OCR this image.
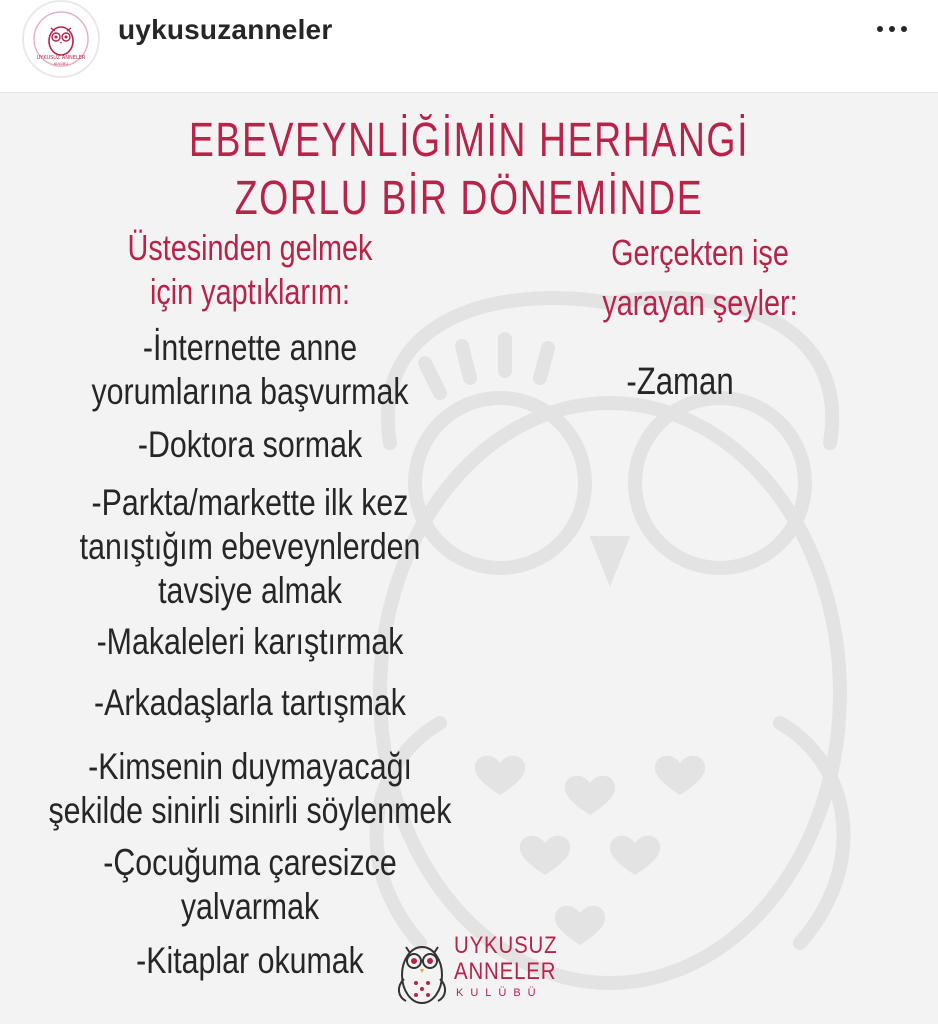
UYKUSUZ ANNELER
KULÜBÜ
uykusuzanneler
EBEVEYNLİĞİMİN HERHANGİ
ZORLU BİR DÖNEMİNDE
Üstesinden gelmek
için yaptıklarım:
Gerçekten işe
yarayan şeyler:
-İnternette anne
yorumlarına başvurmak
-Doktora sormak
-Parkta/markette ilk kez
tanıştığım ebeveynlerden
tavsiye almak
-Makaleleri karıştırmak
-Arkadaşlarla tartışmak
-Kimsenin duymayacağı
şekilde sinirli sinirli söylenmek
-Çocuğuma çaresizce
yalvarmak
-Kitaplar okumak
-Zaman
UYKUSUZ
ANNELER
KULÜBÜ
